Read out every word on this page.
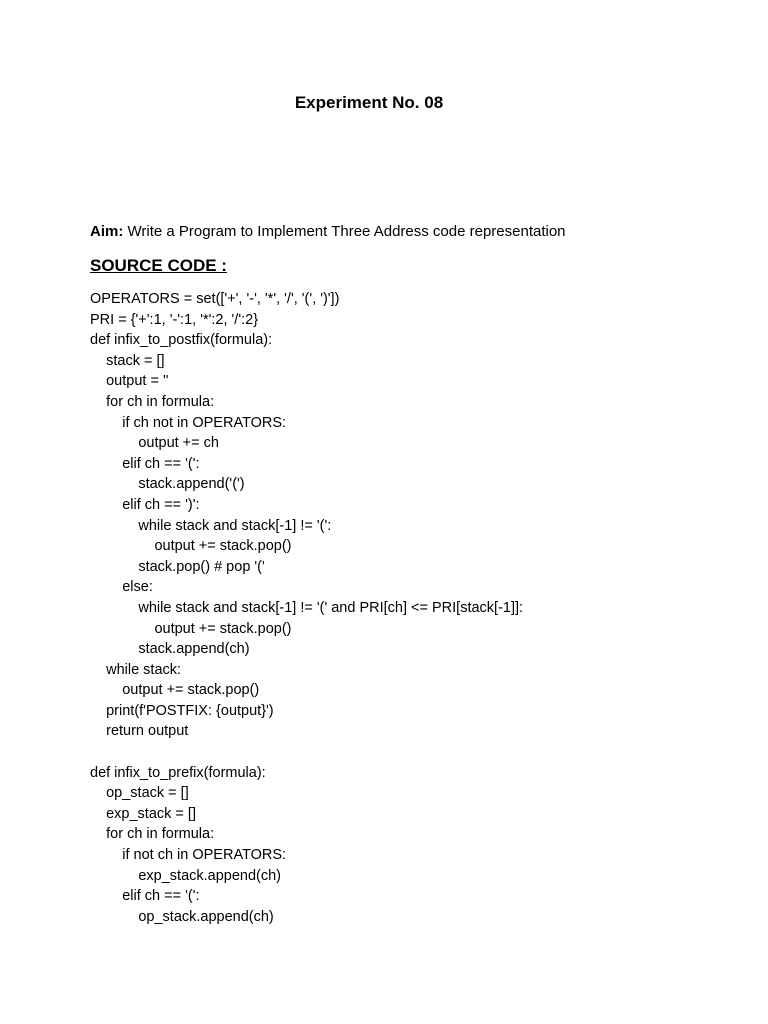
Experiment No. 08
Aim: Write a Program to Implement Three Address code representation
SOURCE CODE :
OPERATORS = set(['+', '-', '*', '/', '(', ')'])
PRI = {'+':1, '-':1, '*':2, '/':2}
def infix_to_postfix(formula):
stack = []
output = ''
for ch in formula:
if ch not in OPERATORS:
output += ch
elif ch == '(':
stack.append('(')
elif ch == ')':
while stack and stack[-1] != '(':
output += stack.pop()
stack.pop() # pop '('
else:
while stack and stack[-1] != '(' and PRI[ch] <= PRI[stack[-1]]:
output += stack.pop()
stack.append(ch)
while stack:
output += stack.pop()
print(f'POSTFIX: {output}')
return output
def infix_to_prefix(formula):
op_stack = []
exp_stack = []
for ch in formula:
if not ch in OPERATORS:
exp_stack.append(ch)
elif ch == '(':
op_stack.append(ch)
